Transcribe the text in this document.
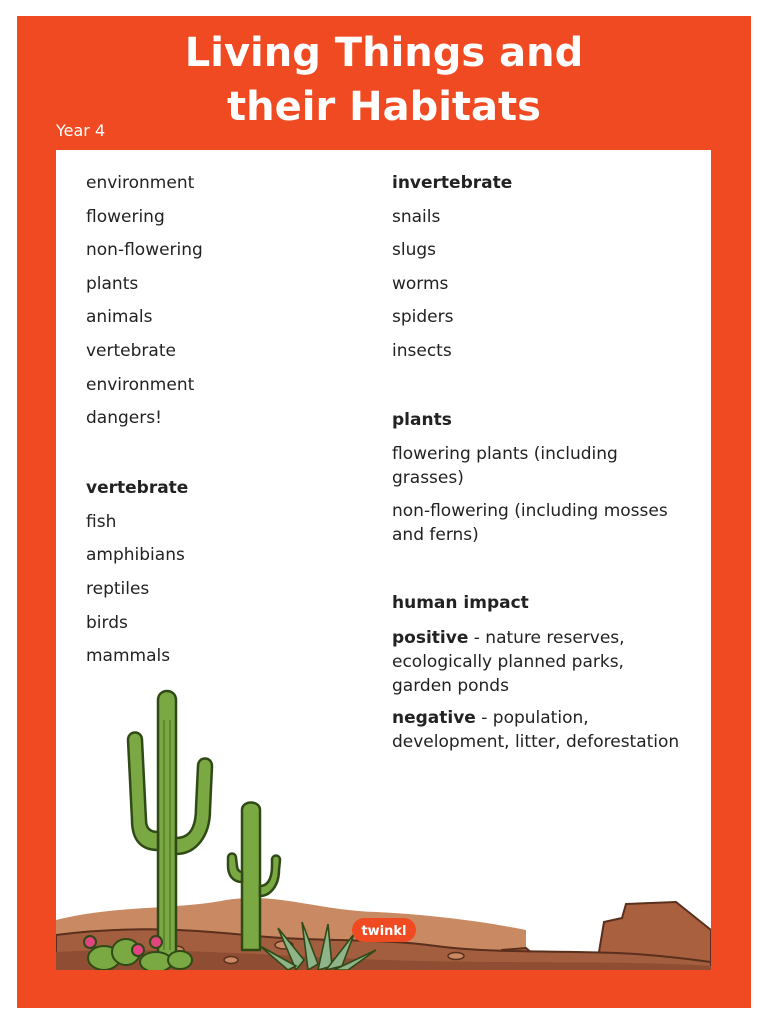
Living Things and
their Habitats
Year 4
environment
flowering
non-flowering
plants
animals
vertebrate
environment
dangers!
vertebrate
fish
amphibians
reptiles
birds
mammals
invertebrate
snails
slugs
worms
spiders
insects
plants
flowering plants (including grasses)
non-flowering (including mosses and ferns)
human impact
positive - nature reserves, ecologically planned parks, garden ponds
negative - population, development, litter, deforestation
twinkl
